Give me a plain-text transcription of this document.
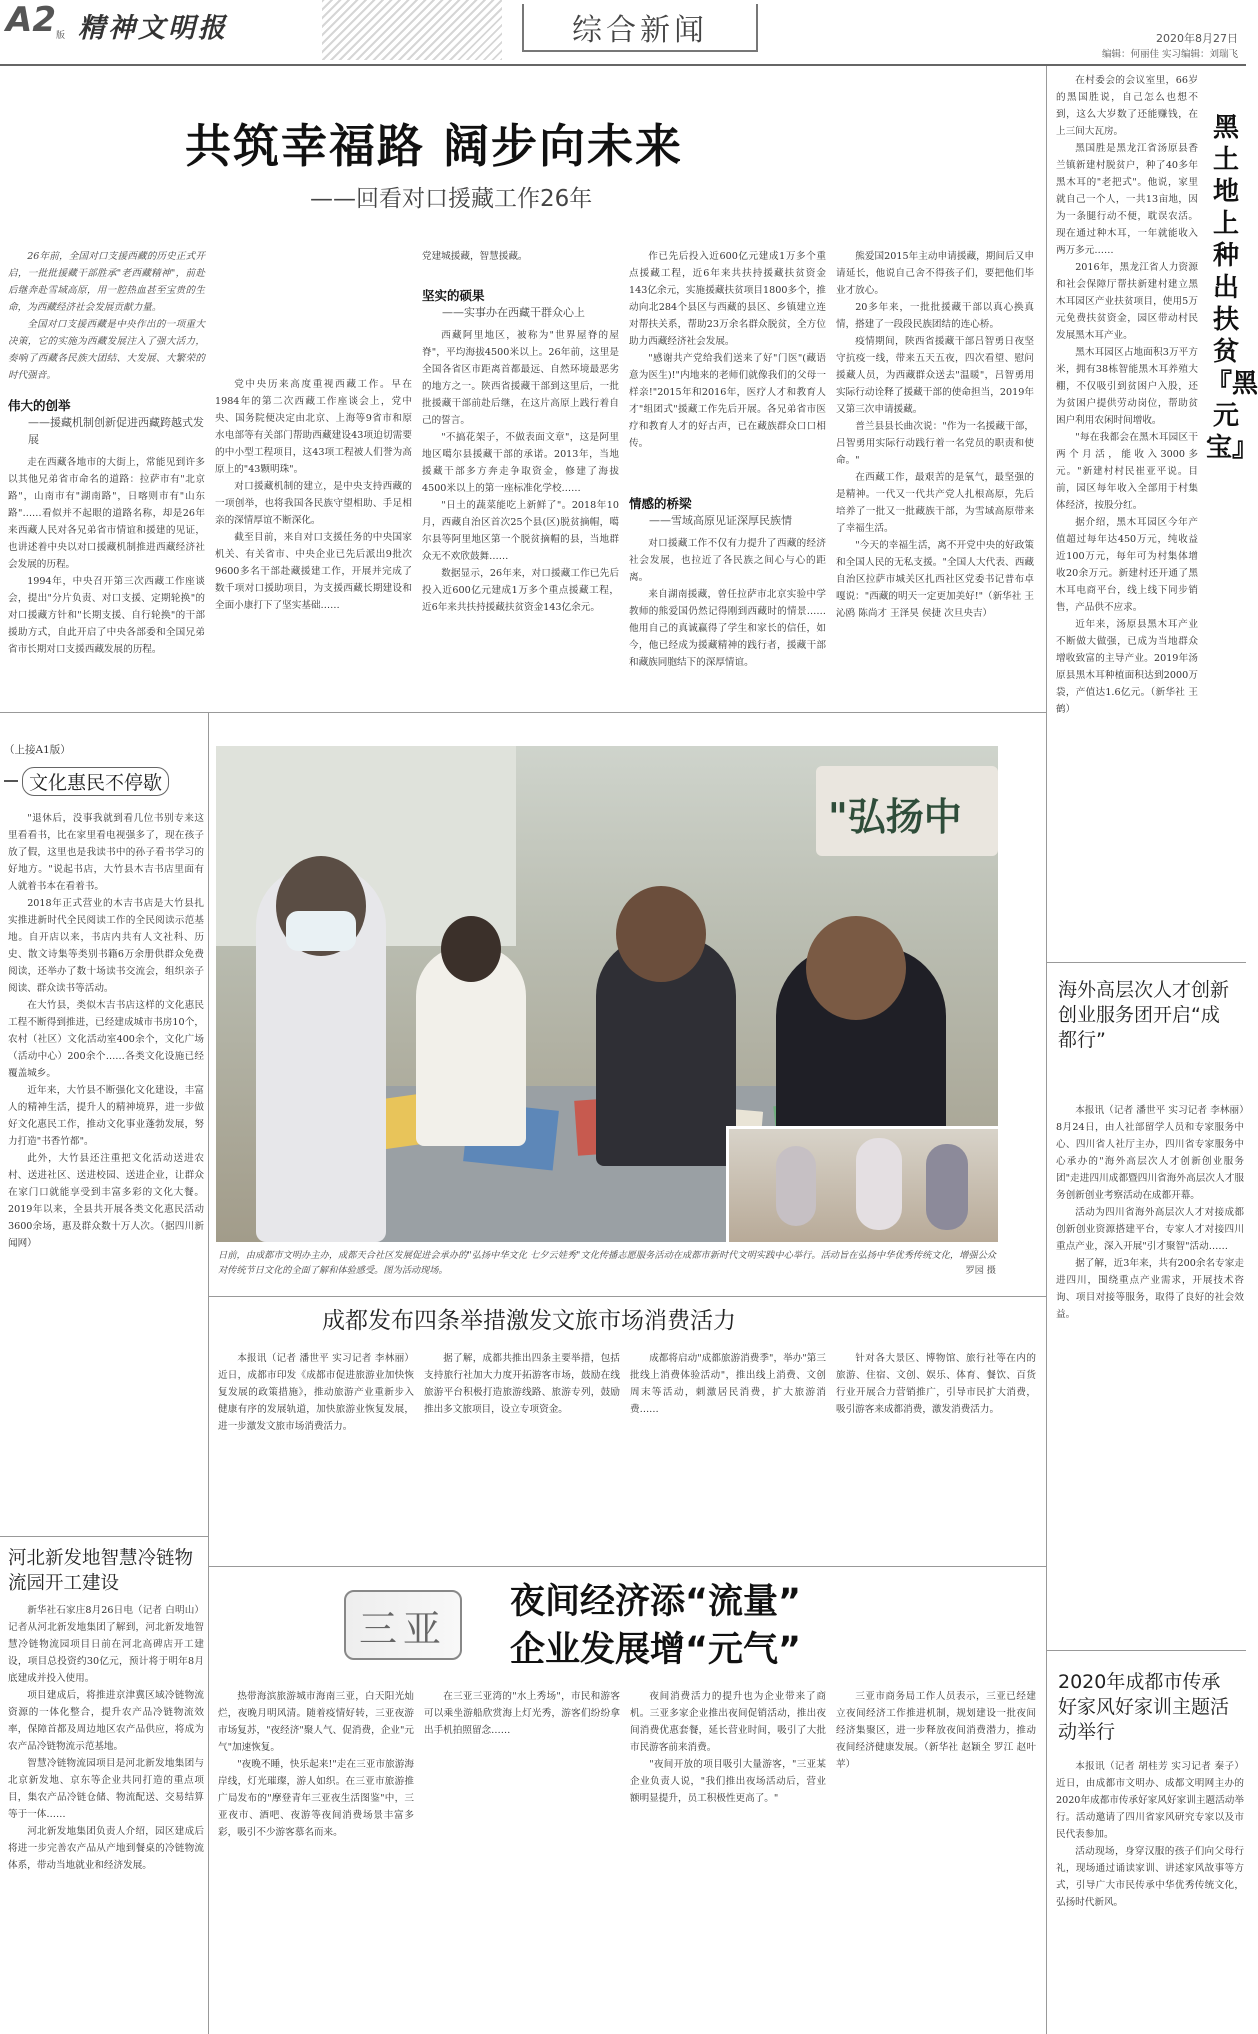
A2 版 精神文明报	综合新闻	2020年8月27日
编辑：何丽佳 实习编辑：刘瑞飞
共筑幸福路 阔步向未来
——回看对口援藏工作26年

26年前，全国对口支援西藏的历史正式开启，一批批援藏干部胜承"老西藏精神"，前赴后继奔赴雪域高原，用一腔热血甚至宝贵的生命，为西藏经济社会发展贡献力量。

全国对口支援西藏是中央作出的一项重大决策，它的实施为西藏发展注入了强大活力，奏响了西藏各民族大团结、大发展、大繁荣的时代强音。

伟大的创举
——援藏机制创新促进西藏跨越式发展

走在西藏各地市的大街上，常能见到许多以其他兄弟省市命名的道路：拉萨市有"北京路"，山南市有"湖南路"，日喀则市有"山东路"……看似并不起眼的道路名称，却是26年来西藏人民对各兄弟省市情谊和援建的见证，也讲述着中央以对口援藏机制推进西藏经济社会发展的历程。

1994年，中央召开第三次西藏工作座谈会，提出"分片负责、对口支援、定期轮换"的对口援藏方针和"长期支援、自行轮换"的干部援助方式，自此开启了中央各部委和全国兄弟省市长期对口支援西藏发展的历程。

党中央历来高度重视西藏工作。早在1984年的第二次西藏工作座谈会上，党中央、国务院便决定由北京、上海等9省市和原水电部等有关部门帮助西藏建设43项迫切需要的中小型工程项目，这43项工程被人们誉为高原上的"43颗明珠"。

对口援藏机制的建立，是中央支持西藏的一项创举，也将我国各民族守望相助、手足相亲的深情厚谊不断深化。

截至目前，来自对口支援任务的中央国家机关、有关省市、中央企业已先后派出9批次9600多名干部赴藏援建工作，开展并完成了数千项对口援助项目，为支援西藏长期建设和全面小康打下了坚实基础……

党建城援藏，智慧援藏。

坚实的硕果
——实事办在西藏干群众心上

西藏阿里地区，被称为"世界屋脊的屋脊"，平均海拔4500米以上。26年前，这里是全国各省区市距离首都最远、自然环境最恶劣的地方之一。陕西省援藏干部到这里后，一批批援藏干部前赴后继，在这片高原上践行着自己的誓言。

"不搞花架子，不做表面文章"，这是阿里地区噶尔县援藏干部的承诺。2013年，当地援藏干部多方奔走争取资金，修建了海拔4500米以上的第一座标准化学校……

"日土的蔬菜能吃上新鲜了"。2018年10月，西藏自治区首次25个县(区)脱贫摘帽，噶尔县等阿里地区第一个脱贫摘帽的县，当地群众无不欢欣鼓舞……

数据显示，26年来，对口援藏工作已先后投入近600亿元建成1万多个重点援藏工程，近6年来共扶持援藏扶贫资金143亿余元。

作已先后投入近600亿元建成1万多个重点援藏工程，近6年来共扶持援藏扶贫资金143亿余元，实施援藏扶贫项目1800多个，推动向北284个县区与西藏的县区、乡镇建立连对帮扶关系，帮助23万余名群众脱贫，全方位助力西藏经济社会发展。

"感谢共产党给我们送来了好"门医"(藏语意为医生)!"内地来的老师们就像我们的父母一样亲!"2015年和2016年，医疗人才和教育人才"组团式"援藏工作先后开展。各兄弟省市医疗和教育人才的好古声，已在藏族群众口口相传。

情感的桥梁
——雪域高原见证深厚民族情

对口援藏工作不仅有力提升了西藏的经济社会发展，也拉近了各民族之间心与心的距离。

来自湖南援藏，曾任拉萨市北京实验中学教师的熊爱国仍然记得刚到西藏时的情景……他用自己的真诚赢得了学生和家长的信任，如今，他已经成为援藏精神的践行者，援藏干部和藏族同胞结下的深厚情谊。

熊爱国2015年主动申请援藏，期间后又申请延长，他说自己舍不得孩子们，要把他们毕业才放心。

20多年来，一批批援藏干部以真心换真情，搭建了一段段民族团结的连心桥。

疫情期间，陕西省援藏干部吕智勇日夜坚守抗疫一线，带来五天五夜，四次看望、慰问援藏人员，为西藏群众送去"温暖"，吕智勇用实际行动诠释了援藏干部的使命担当，2019年又第三次申请援藏。

普兰县县长曲次说："作为一名援藏干部，吕智勇用实际行动践行着一名党员的职责和使命。"

在西藏工作，最艰苦的是氧气，最坚强的是精神。一代又一代共产党人扎根高原，先后培养了一批又一批藏族干部，为雪域高原带来了幸福生活。

"今天的幸福生活，离不开党中央的好政策和全国人民的无私支援。"全国人大代表、西藏自治区拉萨市城关区扎西社区党委书记普布卓嘎说："西藏的明天一定更加美好!"（新华社 王沁鸥 陈尚才 王泽昊 侯捷 次旦央吉）

在村委会的会议室里，66岁的黑国胜说，自己怎么也想不到，这么大岁数了还能赚钱，在上三间大瓦房。

黑国胜是黑龙江省汤原县香兰镇新建村脱贫户，种了40多年黑木耳的"老把式"。他说，家里就自己一个人，一共13亩地，因为一条腿行动不便，耽误农活。现在通过种木耳，一年就能收入两万多元……

2016年，黑龙江省人力资源和社会保障厅帮扶新建村建立黑木耳园区产业扶贫项目，使用5万元免费扶贫资金，园区带动村民发展黑木耳产业。

黑木耳园区占地面积3万平方米，拥有38栋智能黑木耳养殖大棚，不仅吸引到贫困户入股，还为贫困户提供劳动岗位，帮助贫困户利用农闲时间增收。

"每在我都会在黑木耳园区干两个月活，能收入3000多元。"新建村村民崔亚平说。目前，园区每年收入全部用于村集体经济，按股分红。

据介绍，黑木耳园区今年产值超过每年达450万元，纯收益近100万元，每年可为村集体增收20余万元。新建村还开通了黑木耳电商平台，线上线下同步销售，产品供不应求。

近年来，汤原县黑木耳产业不断做大做强，已成为当地群众增收致富的主导产业。2019年汤原县黑木耳种植面积达到2000万袋，产值达1.6亿元。（新华社 王鹤）

黑土地上种出扶贫『黑元宝』
海外高层次人才创新创业服务团开启“成都行”

本报讯（记者 潘世平 实习记者 李林丽）8月24日，由人社部留学人员和专家服务中心、四川省人社厅主办，四川省专家服务中心承办的"海外高层次人才创新创业服务团"走进四川成都暨四川省海外高层次人才服务创新创业考察活动在成都开幕。

活动为四川省海外高层次人才对接成都创新创业资源搭建平台，专家人才对接四川重点产业，深入开展"引才聚智"活动……

据了解，近3年来，共有200余名专家走进四川，围绕重点产业需求，开展技术咨询、项目对接等服务，取得了良好的社会效益。

2020年成都市传承好家风好家训主题活动举行

本报讯（记者 胡桂芳 实习记者 秦子）近日，由成都市文明办、成都文明网主办的2020年成都市传承好家风好家训主题活动举行。活动邀请了四川省家风研究专家以及市民代表参加。

活动现场，身穿汉服的孩子们向父母行礼，现场通过诵读家训、讲述家风故事等方式，引导广大市民传承中华优秀传统文化，弘扬时代新风。

（上接A1版）
文化惠民不停歇

"退休后，没事我就到看几位书别专来这里看看书，比在家里看电视强多了，现在孩子放了假，这里也是我读书中的孙子看书学习的好地方。"说起书店，大竹县木吉书店里面有人就着书本在看着书。

2018年正式营业的木吉书店是大竹县扎实推进新时代全民阅读工作的全民阅读示范基地。自开店以来，书店内共有人文社科、历史、散文诗集等类别书籍6万余册供群众免费阅读，还举办了数十场读书交流会，组织亲子阅读、群众读书等活动。

在大竹县，类似木吉书店这样的文化惠民工程不断得到推进，已经建成城市书房10个，农村（社区）文化活动室400余个，文化广场（活动中心）200余个……各类文化设施已经覆盖城乡。

近年来，大竹县不断强化文化建设，丰富人的精神生活，提升人的精神境界，进一步做好文化惠民工作，推动文化事业蓬勃发展，努力打造"书香竹都"。

此外，大竹县还注重把文化活动送进农村、送进社区、送进校园、送进企业，让群众在家门口就能享受到丰富多彩的文化大餐。2019年以来，全县共开展各类文化惠民活动3600余场，惠及群众数十万人次。（据四川新闻网）

"弘扬中
日前，由成都市文明办主办，成都天合社区发展促进会承办的"弘扬中华文化 七夕云娃秀"文化传播志愿服务活动在成都市新时代文明实践中心举行。活动旨在弘扬中华优秀传统文化，增强公众对传统节日文化的全面了解和体验感受。图为活动现场。	罗园 摄
成都发布四条举措激发文旅市场消费活力

本报讯（记者 潘世平 实习记者 李林丽）近日，成都市印发《成都市促进旅游业加快恢复发展的政策措施》，推动旅游产业重新步入健康有序的发展轨道，加快旅游业恢复发展，进一步激发文旅市场消费活力。

据了解，成都共推出四条主要举措，包括支持旅行社加大力度开拓游客市场，鼓励在线旅游平台积极打造旅游线路、旅游专列，鼓励推出多文旅项目，设立专项资金。

成都将启动"成都旅游消费季"，举办"第三批线上消费体验活动"，推出线上消费、文创周末等活动，刺激居民消费，扩大旅游消费……

针对各大景区、博物馆、旅行社等在内的旅游、住宿、文创、娱乐、体育、餐饮、百货行业开展合力营销推广，引导市民扩大消费，吸引游客来成都消费，激发消费活力。

河北新发地智慧冷链物流园开工建设

新华社石家庄8月26日电（记者 白明山）记者从河北新发地集团了解到，河北新发地智慧冷链物流园项目日前在河北高碑店开工建设，项目总投资约30亿元，预计将于明年8月底建成并投入使用。

项目建成后，将推进京津冀区域冷链物流资源的一体化整合，提升农产品冷链物流效率，保障首都及周边地区农产品供应，将成为农产品冷链物流示范基地。

智慧冷链物流园项目是河北新发地集团与北京新发地、京东等企业共同打造的重点项目，集农产品冷链仓储、物流配送、交易结算等于一体……

河北新发地集团负责人介绍，园区建成后将进一步完善农产品从产地到餐桌的冷链物流体系，带动当地就业和经济发展。

三亚
夜间经济添“流量”
企业发展增“元气”

热带海滨旅游城市海南三亚，白天阳光灿烂，夜晚月明风清。随着疫情好转，三亚夜游市场复苏，"夜经济"聚人气、促消费，企业"元气"加速恢复。

"夜晚不睡，快乐起来!"走在三亚市旅游海岸线，灯光璀璨，游人如织。在三亚市旅游推广局发布的"摩登青年三亚夜生活图鉴"中，三亚夜市、酒吧、夜游等夜间消费场景丰富多彩，吸引不少游客慕名而来。

在三亚三亚湾的"水上秀场"，市民和游客可以乘坐游船欣赏海上灯光秀，游客们纷纷拿出手机拍照留念……

夜间消费活力的提升也为企业带来了商机。三亚多家企业推出夜间促销活动，推出夜间消费优惠套餐，延长营业时间，吸引了大批市民游客前来消费。

"夜间开放的项目吸引大量游客，"三亚某企业负责人说，"我们推出夜场活动后，营业额明显提升，员工积极性更高了。"

三亚市商务局工作人员表示，三亚已经建立夜间经济工作推进机制，规划建设一批夜间经济集聚区，进一步释放夜间消费潜力，推动夜间经济健康发展。（新华社 赵颖全 罗江 赵叶苹）
